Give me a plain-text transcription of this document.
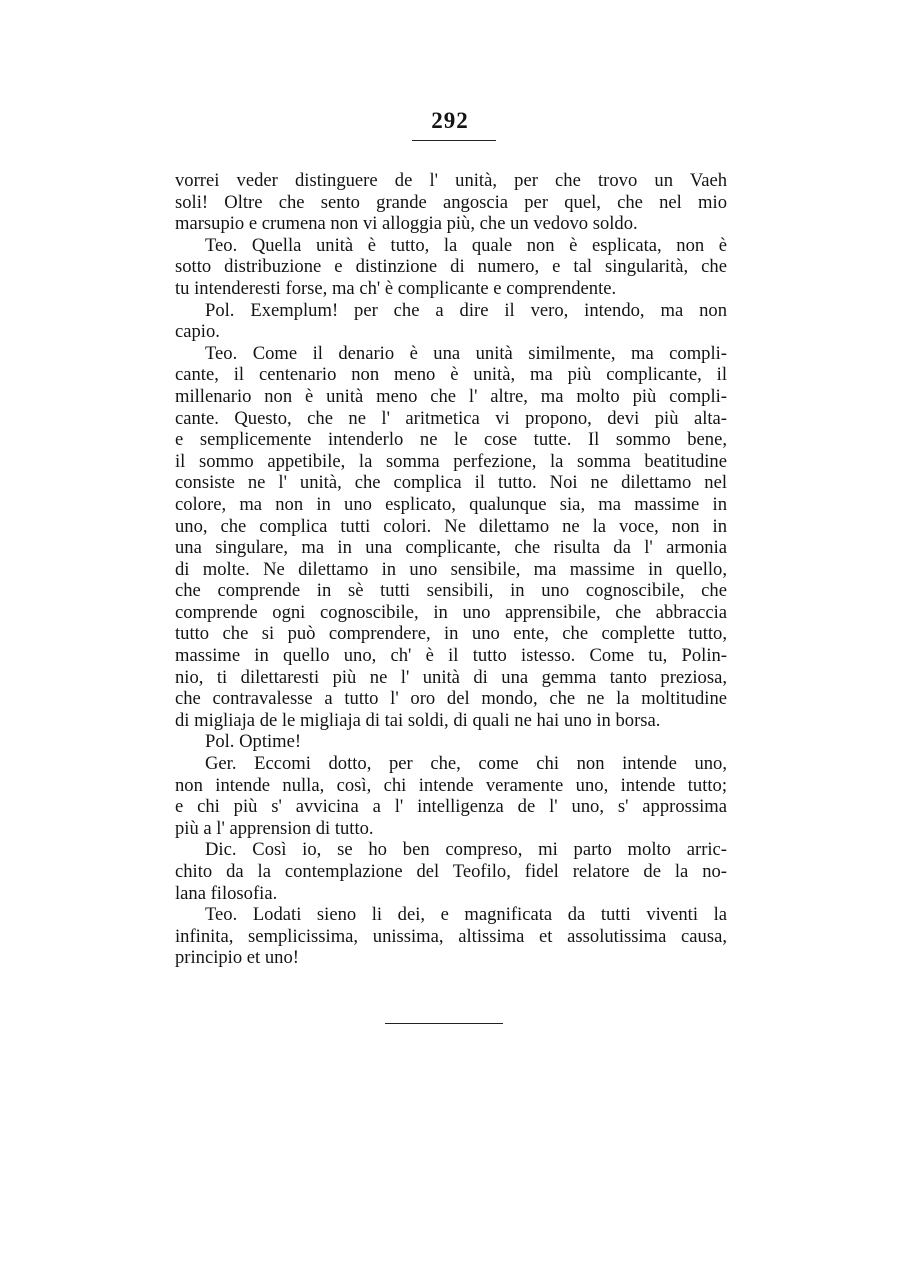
292
vorrei veder distinguere de l' unità, per che trovo un Vaeh
soli! Oltre che sento grande angoscia per quel, che nel mio
marsupio e crumena non vi alloggia più, che un vedovo soldo.
Teo. Quella unità è tutto, la quale non è esplicata, non è
sotto distribuzione e distinzione di numero, e tal singularità, che
tu intenderesti forse, ma ch' è complicante e comprendente.
Pol. Exemplum! per che a dire il vero, intendo, ma non
capio.
Teo. Come il denario è una unità similmente, ma compli-
cante, il centenario non meno è unità, ma più complicante, il
millenario non è unità meno che l' altre, ma molto più compli-
cante. Questo, che ne l' aritmetica vi propono, devi più alta-
e semplicemente intenderlo ne le cose tutte. Il sommo bene,
il sommo appetibile, la somma perfezione, la somma beatitudine
consiste ne l' unità, che complica il tutto. Noi ne dilettamo nel
colore, ma non in uno esplicato, qualunque sia, ma massime in
uno, che complica tutti colori. Ne dilettamo ne la voce, non in
una singulare, ma in una complicante, che risulta da l' armonia
di molte. Ne dilettamo in uno sensibile, ma massime in quello,
che comprende in sè tutti sensibili, in uno cognoscibile, che
comprende ogni cognoscibile, in uno apprensibile, che abbraccia
tutto che si può comprendere, in uno ente, che complette tutto,
massime in quello uno, ch' è il tutto istesso. Come tu, Polin-
nio, ti dilettaresti più ne l' unità di una gemma tanto preziosa,
che contravalesse a tutto l' oro del mondo, che ne la moltitudine
di migliaja de le migliaja di tai soldi, di quali ne hai uno in borsa.
Pol. Optime!
Ger. Eccomi dotto, per che, come chi non intende uno,
non intende nulla, così, chi intende veramente uno, intende tutto;
e chi più s' avvicina a l' intelligenza de l' uno, s' approssima
più a l' apprension di tutto.
Dic. Così io, se ho ben compreso, mi parto molto arric-
chito da la contemplazione del Teofilo, fidel relatore de la no-
lana filosofia.
Teo. Lodati sieno li dei, e magnificata da tutti viventi la
infinita, semplicissima, unissima, altissima et assolutissima causa,
principio et uno!
